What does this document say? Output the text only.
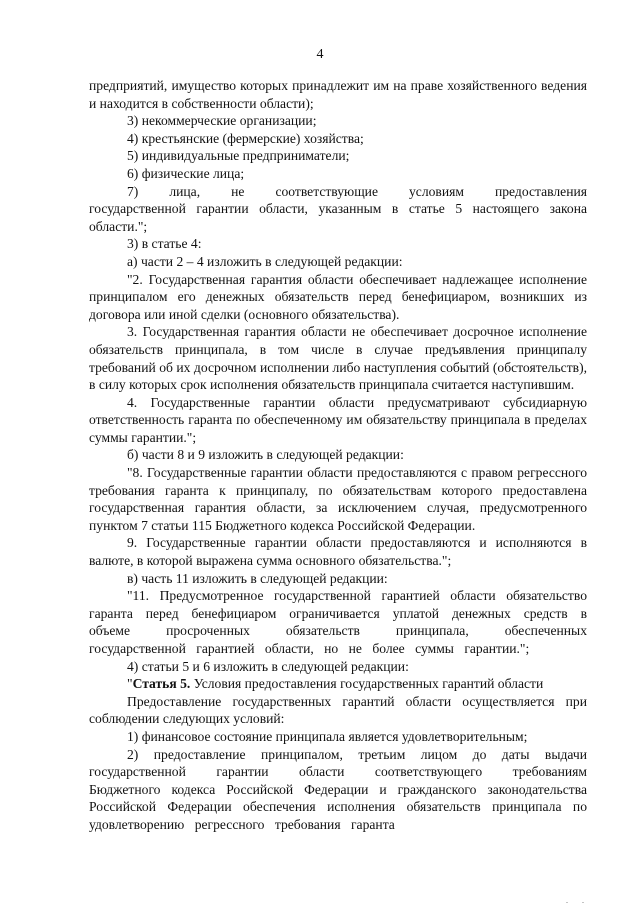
4

предприятий, имущество которых принадлежит им на праве хозяйственного ведения и находится в собственности области);

3) некоммерческие организации;

4) крестьянские (фермерские) хозяйства;

5) индивидуальные предприниматели;

6) физические лица;

7) лица, не соответствующие условиям предоставления государственной гарантии области, указанным в статье 5 настоящего закона области.";

3) в статье 4:

а) части 2 – 4 изложить в следующей редакции:

"2. Государственная гарантия области обеспечивает надлежащее исполнение принципалом его денежных обязательств перед бенефициаром, возникших из договора или иной сделки (основного обязательства).

3. Государственная гарантия области не обеспечивает досрочное исполнение обязательств принципала, в том числе в случае предъявления принципалу требований об их досрочном исполнении либо наступления событий (обстоятельств), в силу которых срок исполнения обязательств принципала считается наступившим.

4. Государственные гарантии области предусматривают субсидиарную ответственность гаранта по обеспеченному им обязательству принципала в пределах суммы гарантии.";

б) части 8 и 9 изложить в следующей редакции:

"8. Государственные гарантии области предоставляются с правом регрессного требования гаранта к принципалу, по обязательствам которого предоставлена государственная гарантия области, за исключением случая, предусмотренного пунктом 7 статьи 115 Бюджетного кодекса Российской Федерации.

9. Государственные гарантии области предоставляются и исполняются в валюте, в которой выражена сумма основного обязательства.";

в) часть 11 изложить в следующей редакции:

"11. Предусмотренное государственной гарантией области обязательство гаранта перед бенефициаром ограничивается уплатой денежных средств в объеме просроченных обязательств принципала, обеспеченных государственной гарантией области, но не более суммы гарантии.";

4) статьи 5 и 6 изложить в следующей редакции:

"Статья 5. Условия предоставления государственных гарантий области

Предоставление государственных гарантий области осуществляется при соблюдении следующих условий:

1) финансовое состояние принципала является удовлетворительным;

2) предоставление принципалом, третьим лицом до даты выдачи государственной гарантии области соответствующего требованиям Бюджетного кодекса Российской Федерации и гражданского законодательства Российской Федерации обеспечения исполнения обязательств принципала по удовлетворению регрессного требования гаранта

. .
